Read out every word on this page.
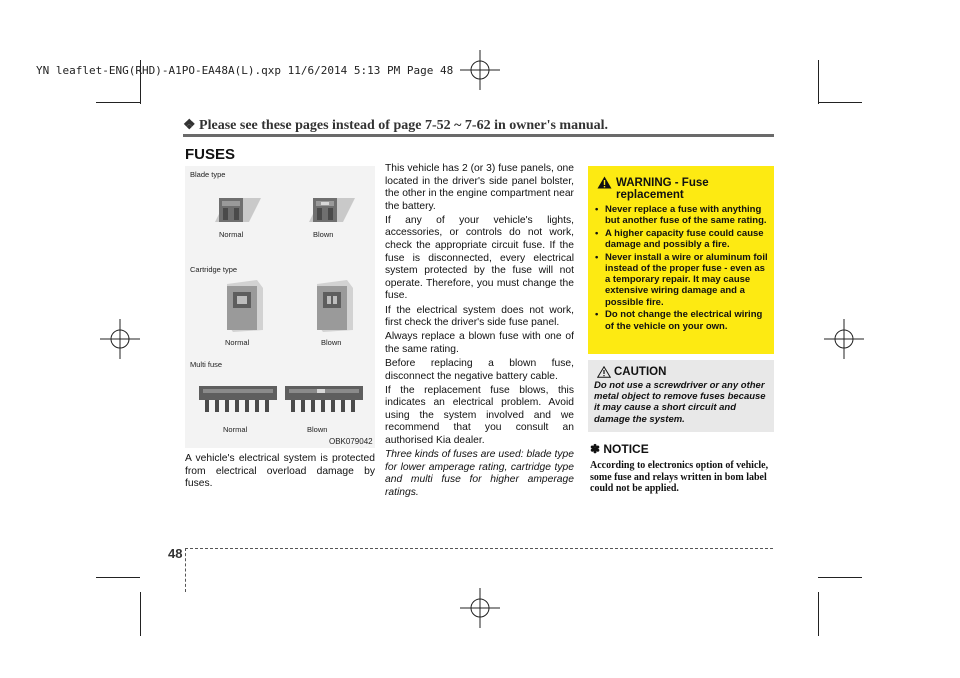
YN leaflet-ENG(RHD)-A1PO-EA48A(L).qxp 11/6/2014 5:13 PM Page 48
❖ Please see these pages instead of page 7-52 ~ 7-62 in owner's manual.
FUSES
Blade type
Normal	Blown
Cartridge type
Normal	Blown
Multi fuse
Normal	Blown
OBK079042

A vehicle's electrical system is protected from electrical overload damage by fuses.

This vehicle has 2 (or 3) fuse panels, one located in the driver's side panel bolster, the other in the engine compartment near the battery.

If any of your vehicle's lights, accessories, or controls do not work, check the appropriate circuit fuse. If the fuse is disconnected, every electrical system protected by the fuse will not operate. Therefore, you must change the fuse.

If the electrical system does not work, first check the driver's side fuse panel.

Always replace a blown fuse with one of the same rating.

Before replacing a blown fuse, disconnect the negative battery cable.

If the replacement fuse blows, this indicates an electrical problem. Avoid using the system involved and we recommend that you consult an authorised Kia dealer.

Three kinds of fuses are used: blade type for lower amperage rating, cartridge type and multi fuse for higher amperage ratings.

WARNING - Fuse replacement
• Never replace a fuse with anything but another fuse of the same rating.
• A higher capacity fuse could cause damage and possibly a fire.
• Never install a wire or aluminum foil instead of the proper fuse - even as a temporary repair. It may cause extensive wiring damage and a possible fire.
• Do not change the electrical wiring of the vehicle on your own.
CAUTION
Do not use a screwdriver or any other metal object to remove fuses because it may cause a short circuit and damage the system.
✽ NOTICE
According to electronics option of vehicle, some fuse and relays written in bom label could not be applied.
48
